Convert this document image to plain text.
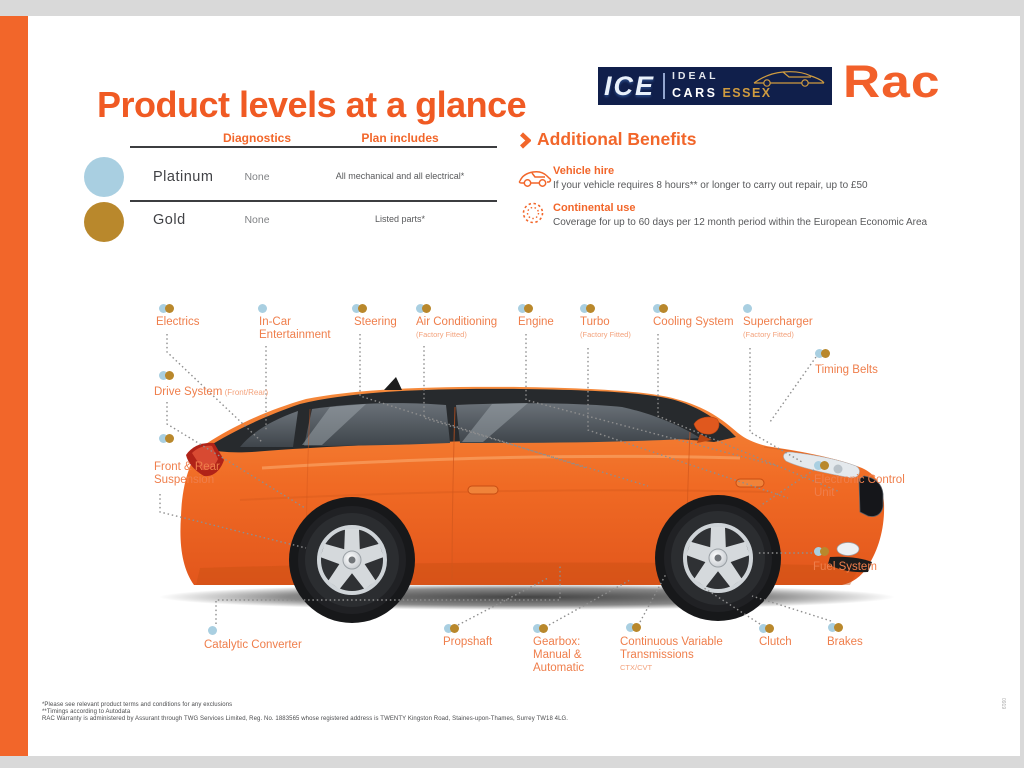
Product levels at a glance	ICE IDEAL
CARS ESSEX	Rac
Diagnostics	Plan includes
Platinum	None	All mechanical and all electrical*
Gold	None	Listed parts*
Additional Benefits
Vehicle hire
If your vehicle requires 8 hours** or longer to carry out repair, up to £50
Continental use
Coverage for up to 60 days per 12 month period within the European Economic Area
Electrics	In-Car Entertainment
Steering	Air Conditioning
(Factory Fitted)
Engine	Turbo
(Factory Fitted)
Cooling System Supercharger
(Factory Fitted)
Timing Belts
Drive System (Front/Rear)
Front & Rear Suspension	Electronic Control Unit
Fuel System
Catalytic Converter	Propshaft	Gearbox: Manual & Automatic
Continuous Variable Transmissions
CTX/CVT
Clutch	Brakes
*Please see relevant product terms and conditions for any exclusions
**Timings according to Autodata
RAC Warranty is administered by Assurant through TWG Services Limited, Reg. No. 1883565 whose registered address is TWENTY Kingston Road, Staines-upon-Thames, Surrey TW18 4LG.
0919
